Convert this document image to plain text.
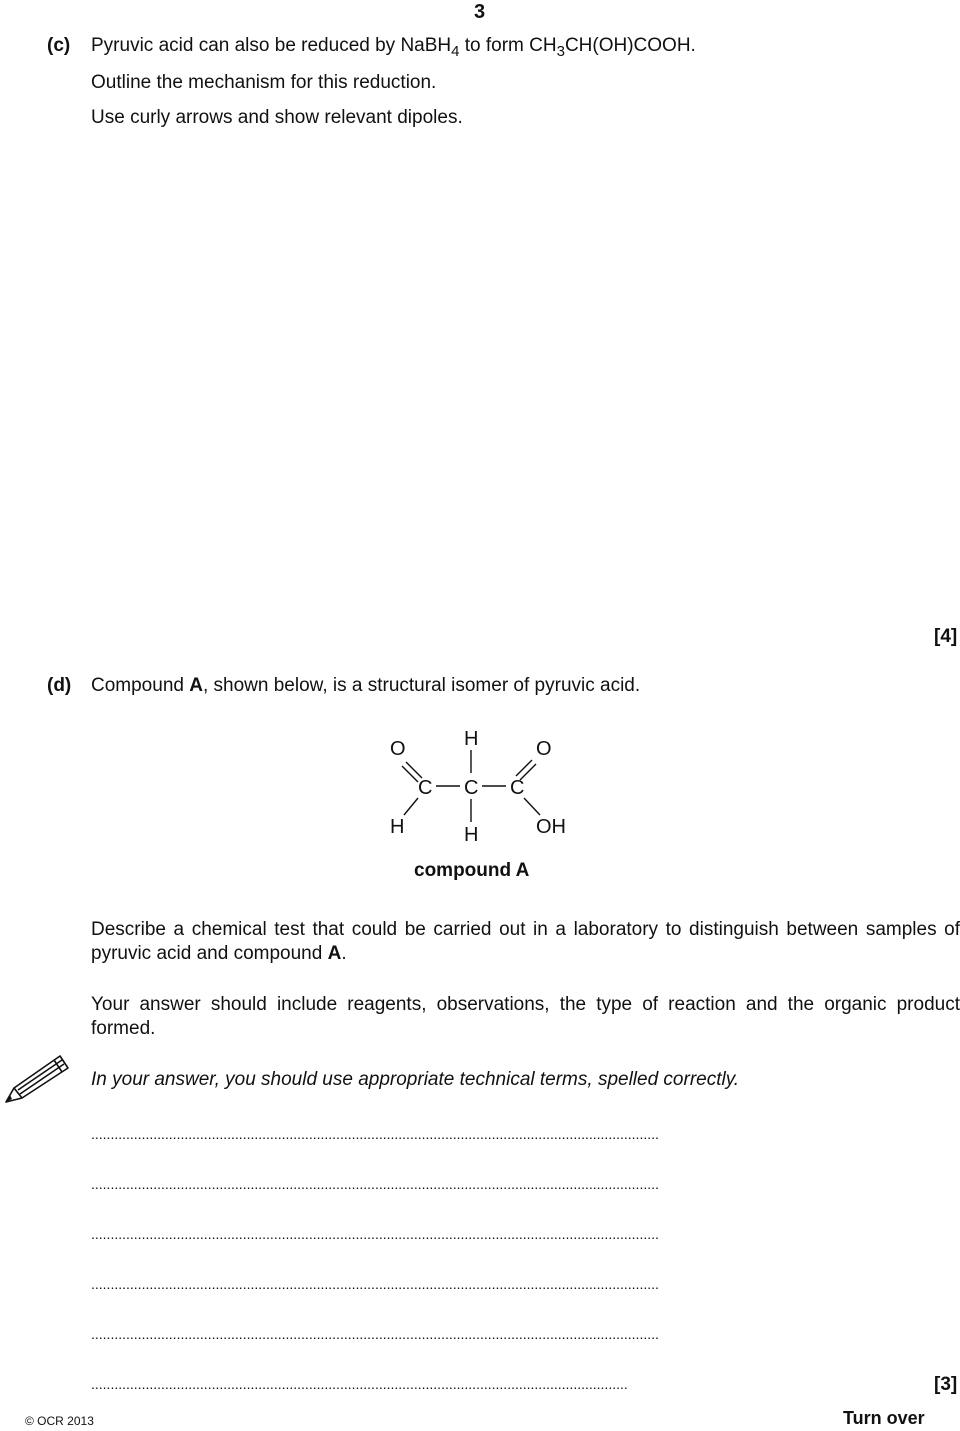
3
(c) Pyruvic acid can also be reduced by NaBH$_4$ to form $CH_3CH(OH)COOH$.
Outline the mechanism for this reduction.
Use curly arrows and show relevant dipoles.
[4]
(d) Compound A, shown below, is a structural isomer of pyruvic acid.
O	H	O
C C C
H	H	OH
compound A
Describe a chemical test that could be carried out in a laboratory to distinguish between samples of pyruvic acid and compound A.
Your answer should include reagents, observations, the type of reaction and the organic product formed.
In your answer, you should use appropriate technical terms, spelled correctly.
..................................................................................................................................................
..................................................................................................................................................
..................................................................................................................................................
..................................................................................................................................................
..................................................................................................................................................
..........................................................................................................................................	[3]
© OCR 2013	Turn over
